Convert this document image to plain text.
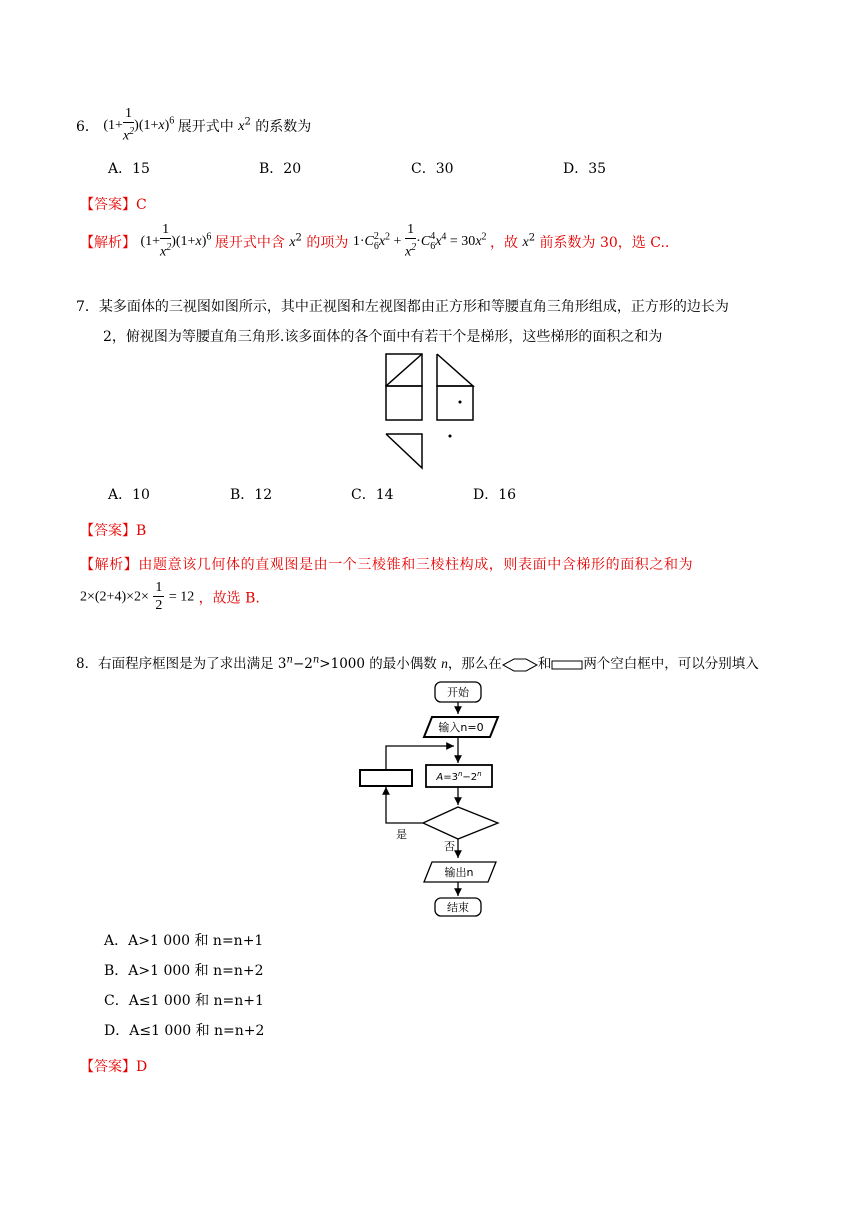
6． $(1+ \frac{1}{x^2} )(1+x)^6$ 展开式中 $x^2$ 的系数为
A．15	B．20	C．30	D．35
【答案】C
【解析】 $(1+ \frac{1}{x^2} )(1+x)^6$ 展开式中含 $x^2$ 的项为 1·C 2
6 $x^2 + \frac{1}{x^2} \cdot C$ 4
6 $x^4 = 30x^2$ ，故 $x^2$ 前系数为 30，选 C..
7．某多面体的三视图如图所示，其中正视图和左视图都由正方形和等腰直角三角形组成，正方形的边长为
2，俯视图为等腰直角三角形.该多面体的各个面中有若干个是梯形，这些梯形的面积之和为
A．10	B．12	C．14	D．16
【答案】B
【解析】由题意该几何体的直观图是由一个三棱锥和三棱柱构成，则表面中含梯形的面积之和为
$2\times(2+4)\times 2\times \frac{1}{2} = 12$ ，故选 B.
8．右面程序框图是为了求出满足 $3^n-2^n>1000$ 的最小偶数 n，那么在	和 两个空白框中，可以分别填入
开始
输入n=0
$A=3^n-2^n$
是
否
输出n
结束
A．A>1 000 和 n=n+1
B．A>1 000 和 n=n+2
C．A≤1 000 和 n=n+1
D．A≤1 000 和 n=n+2
【答案】D
